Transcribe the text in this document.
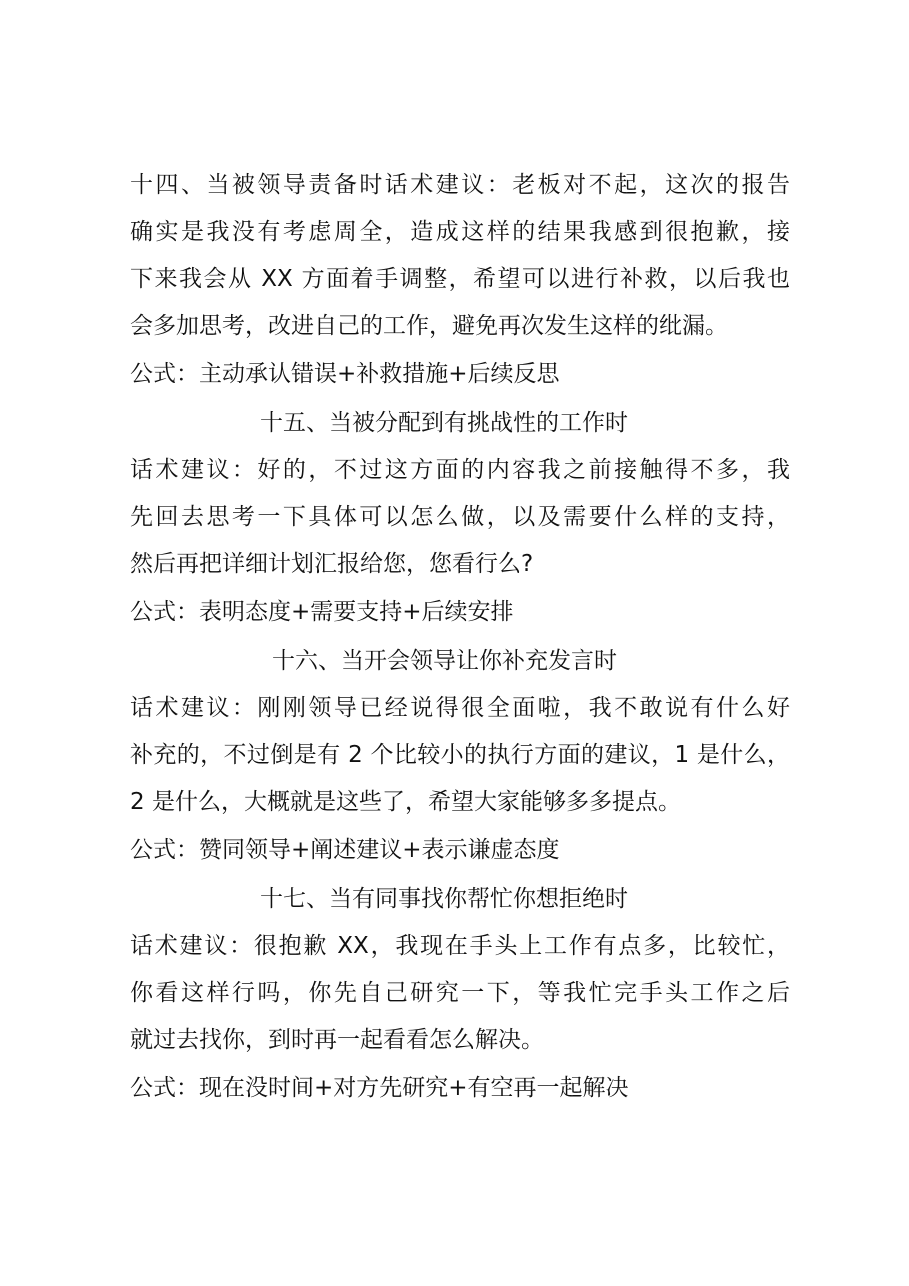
十四、当被领导责备时话术建议：老板对不起，这次的报告
确实是我没有考虑周全，造成这样的结果我感到很抱歉，接
下来我会从 XX 方面着手调整，希望可以进行补救，以后我也
会多加思考，改进自己的工作，避免再次发生这样的纰漏。
公式：主动承认错误+补救措施+后续反思
十五、当被分配到有挑战性的工作时
话术建议：好的，不过这方面的内容我之前接触得不多，我
先回去思考一下具体可以怎么做，以及需要什么样的支持，
然后再把详细计划汇报给您，您看行么?
公式：表明态度+需要支持+后续安排
十六、当开会领导让你补充发言时
话术建议：刚刚领导已经说得很全面啦，我不敢说有什么好
补充的，不过倒是有 2 个比较小的执行方面的建议，1 是什么，
2 是什么，大概就是这些了，希望大家能够多多提点。
公式：赞同领导+阐述建议+表示谦虚态度
十七、当有同事找你帮忙你想拒绝时
话术建议：很抱歉 XX，我现在手头上工作有点多，比较忙，
你看这样行吗，你先自己研究一下，等我忙完手头工作之后
就过去找你，到时再一起看看怎么解决。
公式：现在没时间+对方先研究+有空再一起解决
